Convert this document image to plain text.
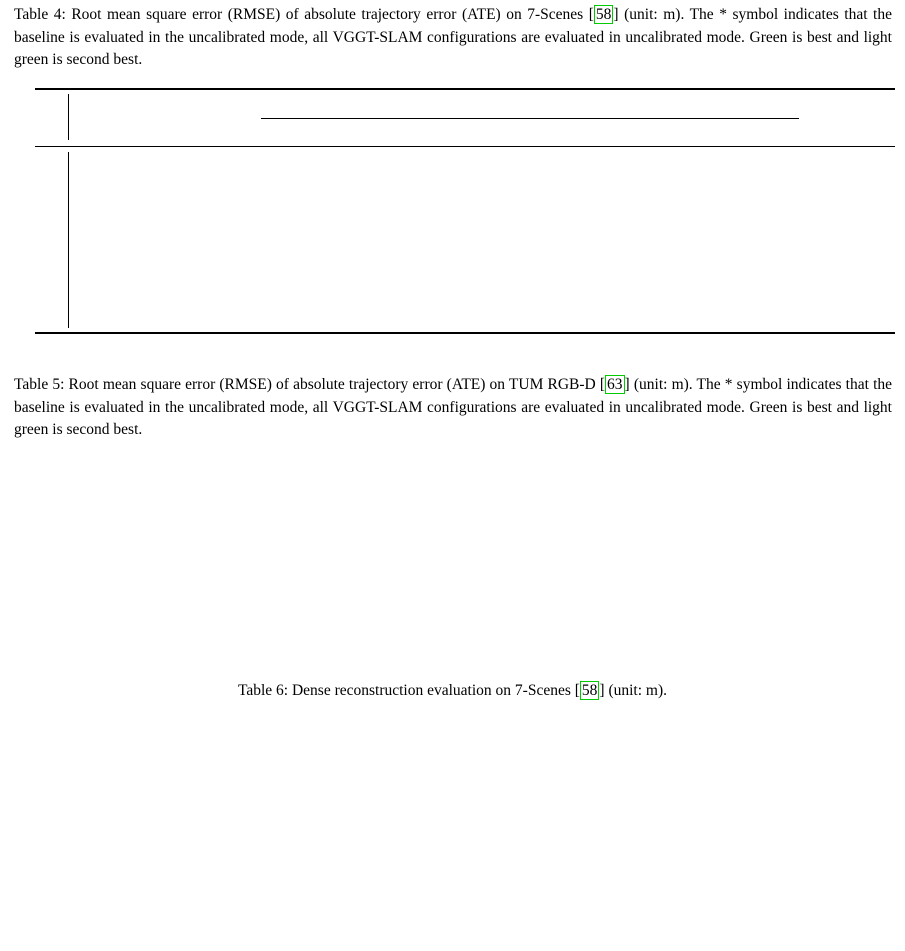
Table 4: Root mean square error (RMSE) of absolute trajectory error (ATE) on 7-Scenes [ 58 ] (unit: m). The * symbol indicates that the baseline is evaluated in the uncalibrated mode, all VGGT-SLAM configurations are evaluated in uncalibrated mode. Green is best and light green is second best.
Table 5: Root mean square error (RMSE) of absolute trajectory error (ATE) on TUM RGB-D [ 63 ] (unit: m). The * symbol indicates that the baseline is evaluated in the uncalibrated mode, all VGGT-SLAM configurations are evaluated in uncalibrated mode. Green is best and light green is second best.
Table 6: Dense reconstruction evaluation on 7-Scenes [ 58 ] (unit: m).
